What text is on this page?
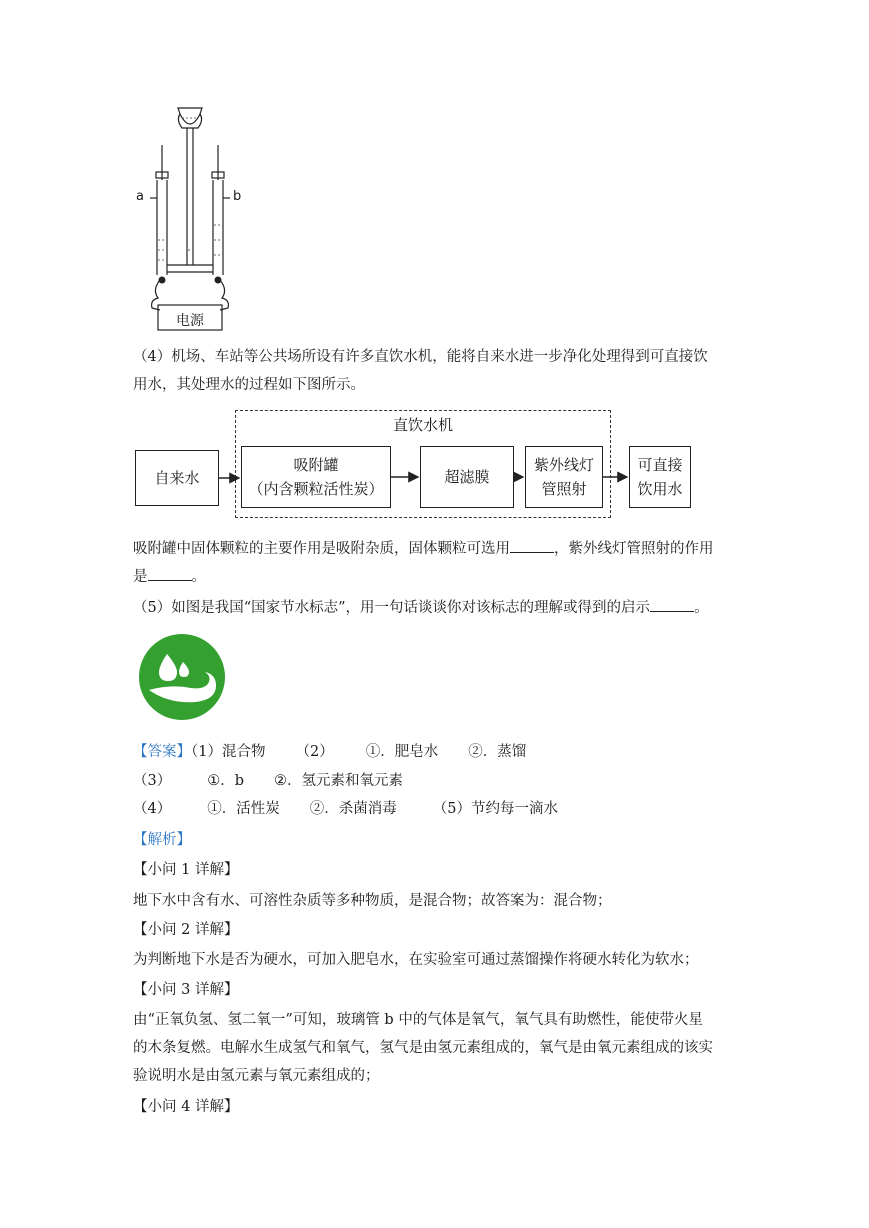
a	b
电源
（4）机场、车站等公共场所设有许多直饮水机，能将自来水进一步净化处理得到可直接饮
用水，其处理水的过程如下图所示。
直饮水机
自来水
吸附罐
（内含颗粒活性炭）
超滤膜
紫外线灯
管照射
可直接
饮用水
吸附罐中固体颗粒的主要作用是吸附杂质，固体颗粒可选用	，紫外线灯管照射的作用
是	。
（5）如图是我国“国家节水标志”，用一句话谈谈你对该标志的理解或得到的启示	。
【答案】（1）混合物 （2） ①．肥皂水 ②．蒸馏
（3） ①．b ②．氢元素和氧元素
（4） ①．活性炭 ②．杀菌消毒 （5）节约每一滴水
【解析】
【小问 1 详解】
地下水中含有水、可溶性杂质等多种物质，是混合物；故答案为：混合物；
【小问 2 详解】
为判断地下水是否为硬水，可加入肥皂水，在实验室可通过蒸馏操作将硬水转化为软水；
【小问 3 详解】
由“正氧负氢、氢二氧一”可知，玻璃管 b 中的气体是氧气，氧气具有助燃性，能使带火星
的木条复燃。电解水生成氢气和氧气，氢气是由氢元素组成的，氧气是由氧元素组成的该实
验说明水是由氢元素与氧元素组成的；
【小问 4 详解】
